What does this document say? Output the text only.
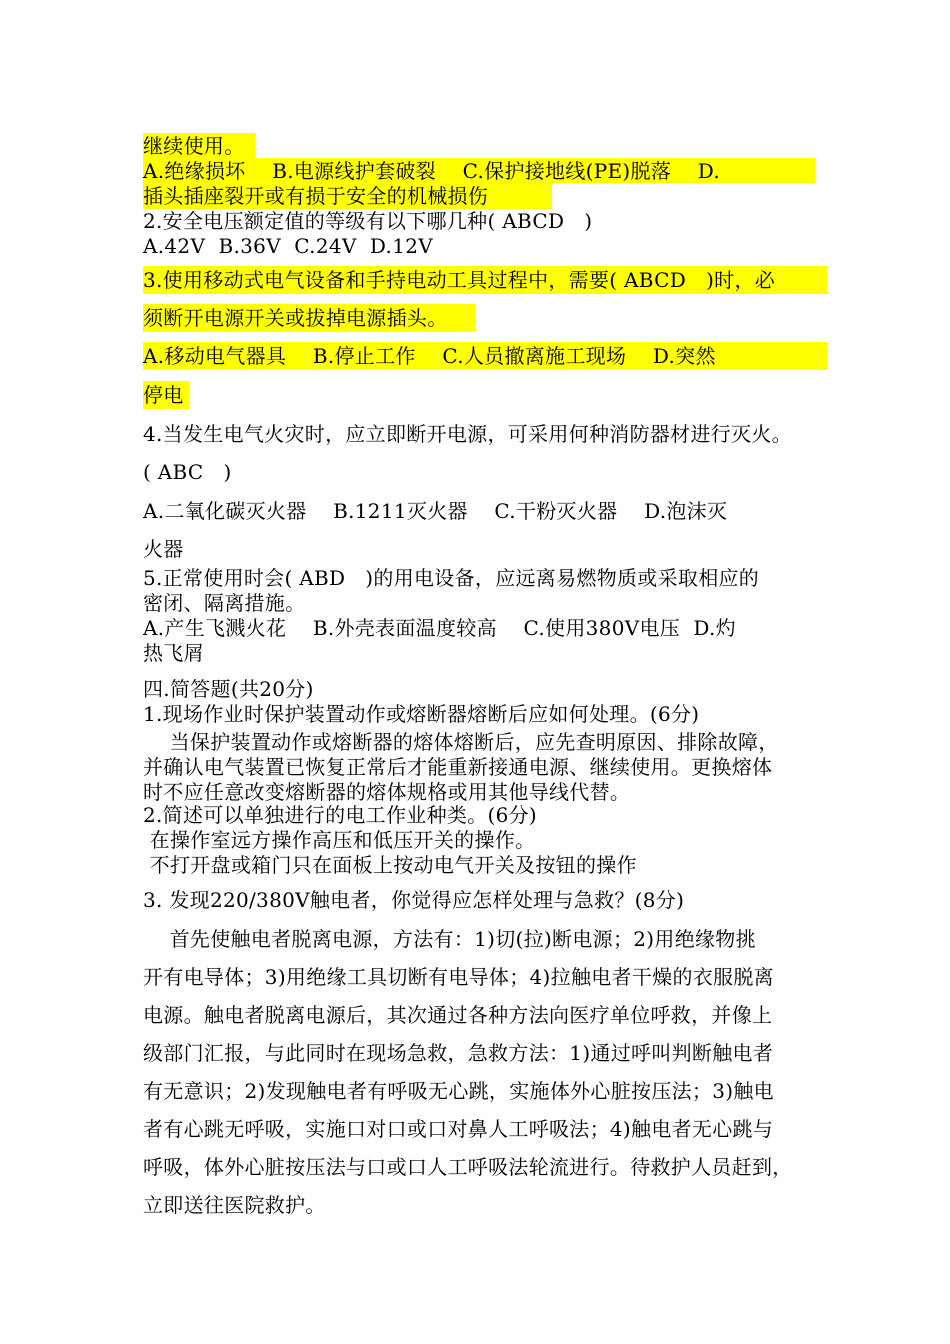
继续使用。
A.绝缘损坏    B.电源线护套破裂    C.保护接地线(PE)脱落    D.
插头插座裂开或有损于安全的机械损伤
2.安全电压额定值的等级有以下哪几种( ABCD   )
A.42V  B.36V  C.24V  D.12V
3.使用移动式电气设备和手持电动工具过程中，需要( ABCD   )时，必
须断开电源开关或拔掉电源插头。
A.移动电气器具    B.停止工作    C.人员撤离施工现场    D.突然
停电
4.当发生电气火灾时，应立即断开电源，可采用何种消防器材进行灭火。
( ABC   )
A.二氧化碳灭火器    B.1211灭火器    C.干粉灭火器    D.泡沫灭
火器
5.正常使用时会( ABD   )的用电设备，应远离易燃物质或采取相应的
密闭、隔离措施。
A.产生飞溅火花    B.外壳表面温度较高    C.使用380V电压  D.灼
热飞屑
四.简答题(共20分)
1.现场作业时保护装置动作或熔断器熔断后应如何处理。(6分)
当保护装置动作或熔断器的熔体熔断后，应先查明原因、排除故障，
并确认电气装置已恢复正常后才能重新接通电源、继续使用。更换熔体
时不应任意改变熔断器的熔体规格或用其他导线代替。
2.简述可以单独进行的电工作业种类。(6分)
在操作室远方操作高压和低压开关的操作。
不打开盘或箱门只在面板上按动电气开关及按钮的操作
3. 发现220/380V触电者，你觉得应怎样处理与急救？(8分)
首先使触电者脱离电源，方法有：1)切(拉)断电源；2)用绝缘物挑
开有电导体；3)用绝缘工具切断有电导体；4)拉触电者干燥的衣服脱离
电源。触电者脱离电源后，其次通过各种方法向医疗单位呼救，并像上
级部门汇报，与此同时在现场急救，急救方法：1)通过呼叫判断触电者
有无意识；2)发现触电者有呼吸无心跳，实施体外心脏按压法；3)触电
者有心跳无呼吸，实施口对口或口对鼻人工呼吸法；4)触电者无心跳与
呼吸，体外心脏按压法与口或口人工呼吸法轮流进行。待救护人员赶到，
立即送往医院救护。
